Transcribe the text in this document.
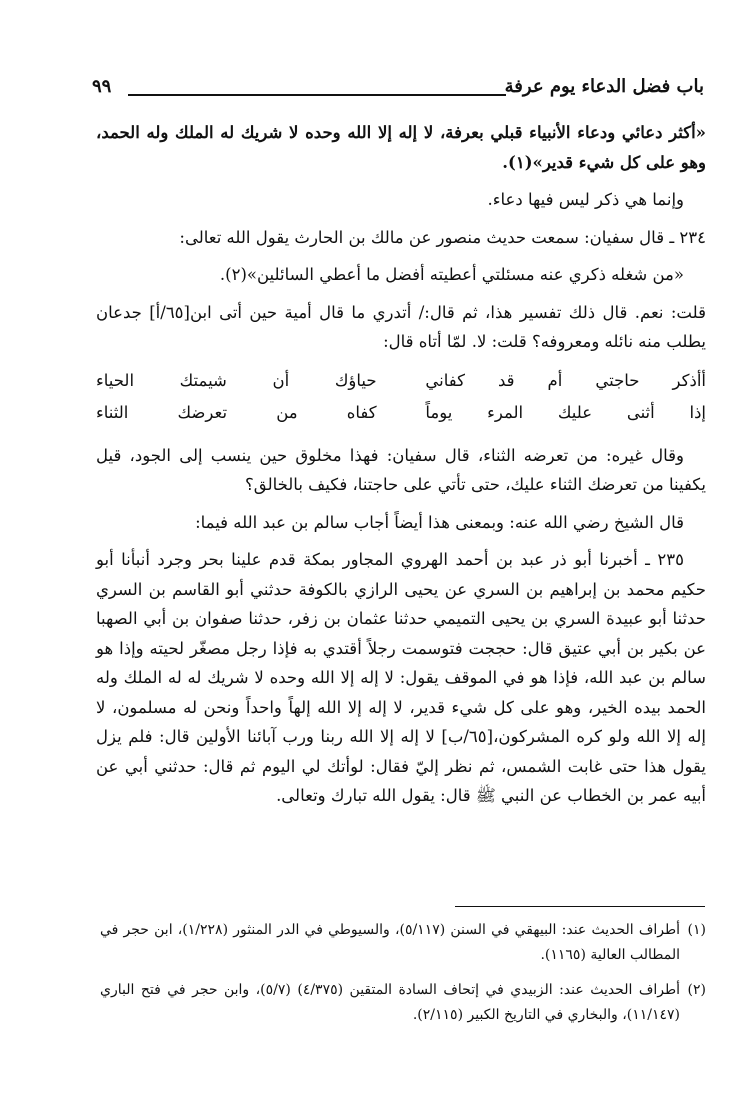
باب فضل الدعاء يوم عرفة
٩٩

«أكثر دعائي ودعاء الأنبياء قبلي بعرفة، لا إله إلا الله وحده لا شريك له الملك وله الحمد، وهو على كل شيء قدير»(١).

وإنما هي ذكر ليس فيها دعاء.

٢٣٤ ـ قال سفيان: سمعت حديث منصور عن مالك بن الحارث يقول الله تعالى:

«من شغله ذكري عنه مسئلتي أعطيته أفضل ما أعطي السائلين»(٢).

قلت: نعم. قال ذلك تفسير هذا، ثم قال:/ أتدري ما قال أمية حين أتى ابن[٦٥/أ] جدعان يطلب منه نائله ومعروفه؟ قلت: لا. لمّا أتاه قال:

أأذكر حاجتي أم قد كفاني
حياؤك أن شيمتك الحياء
إذا أثنى عليك المرء يوماً
كفاه من تعرضك الثناء

وقال غيره: من تعرضه الثناء، قال سفيان: فهذا مخلوق حين ينسب إلى الجود، قيل يكفينا من تعرضك الثناء عليك، حتى تأتي على حاجتنا، فكيف بالخالق؟

قال الشيخ رضي الله عنه: وبمعنى هذا أيضاً أجاب سالم بن عبد الله فيما:

٢٣٥ ـ أخبرنا أبو ذر عبد بن أحمد الهروي المجاور بمكة قدم علينا بحر وجرد أنبأنا أبو حكيم محمد بن إبراهيم بن السري عن يحيى الرازي بالكوفة حدثني أبو القاسم بن السري حدثنا أبو عبيدة السري بن يحيى التميمي حدثنا عثمان بن زفر، حدثنا صفوان بن أبي الصهبا عن بكير بن أبي عتيق قال: حججت فتوسمت رجلاً أقتدي به فإذا رجل مصغّر لحيته وإذا هو سالم بن عبد الله، فإذا هو في الموقف يقول: لا إله إلا الله وحده لا شريك له له الملك وله الحمد بيده الخير، وهو على كل شيء قدير، لا إله إلا الله إلهاً واحداً ونحن له مسلمون، لا إله إلا الله ولو كره المشركون،[٦٥/ب] لا إله إلا الله ربنا ورب آبائنا الأولين قال: فلم يزل يقول هذا حتى غابت الشمس، ثم نظر إليّ فقال: لوأتك لي اليوم ثم قال: حدثني أبي عن أبيه عمر بن الخطاب عن النبي ﷺ قال: يقول الله تبارك وتعالى.

(١)
أطراف الحديث عند: البيهقي في السنن (٥/١١٧)، والسيوطي في الدر المنثور (١/٢٢٨)، ابن حجر في المطالب العالية (١١٦٥).
(٢)
أطراف الحديث عند: الزبيدي في إتحاف السادة المتقين (٤/٣٧٥) (٥/٧)، وابن حجر في فتح الباري (١١/١٤٧)، والبخاري في التاريخ الكبير (٢/١١٥).
